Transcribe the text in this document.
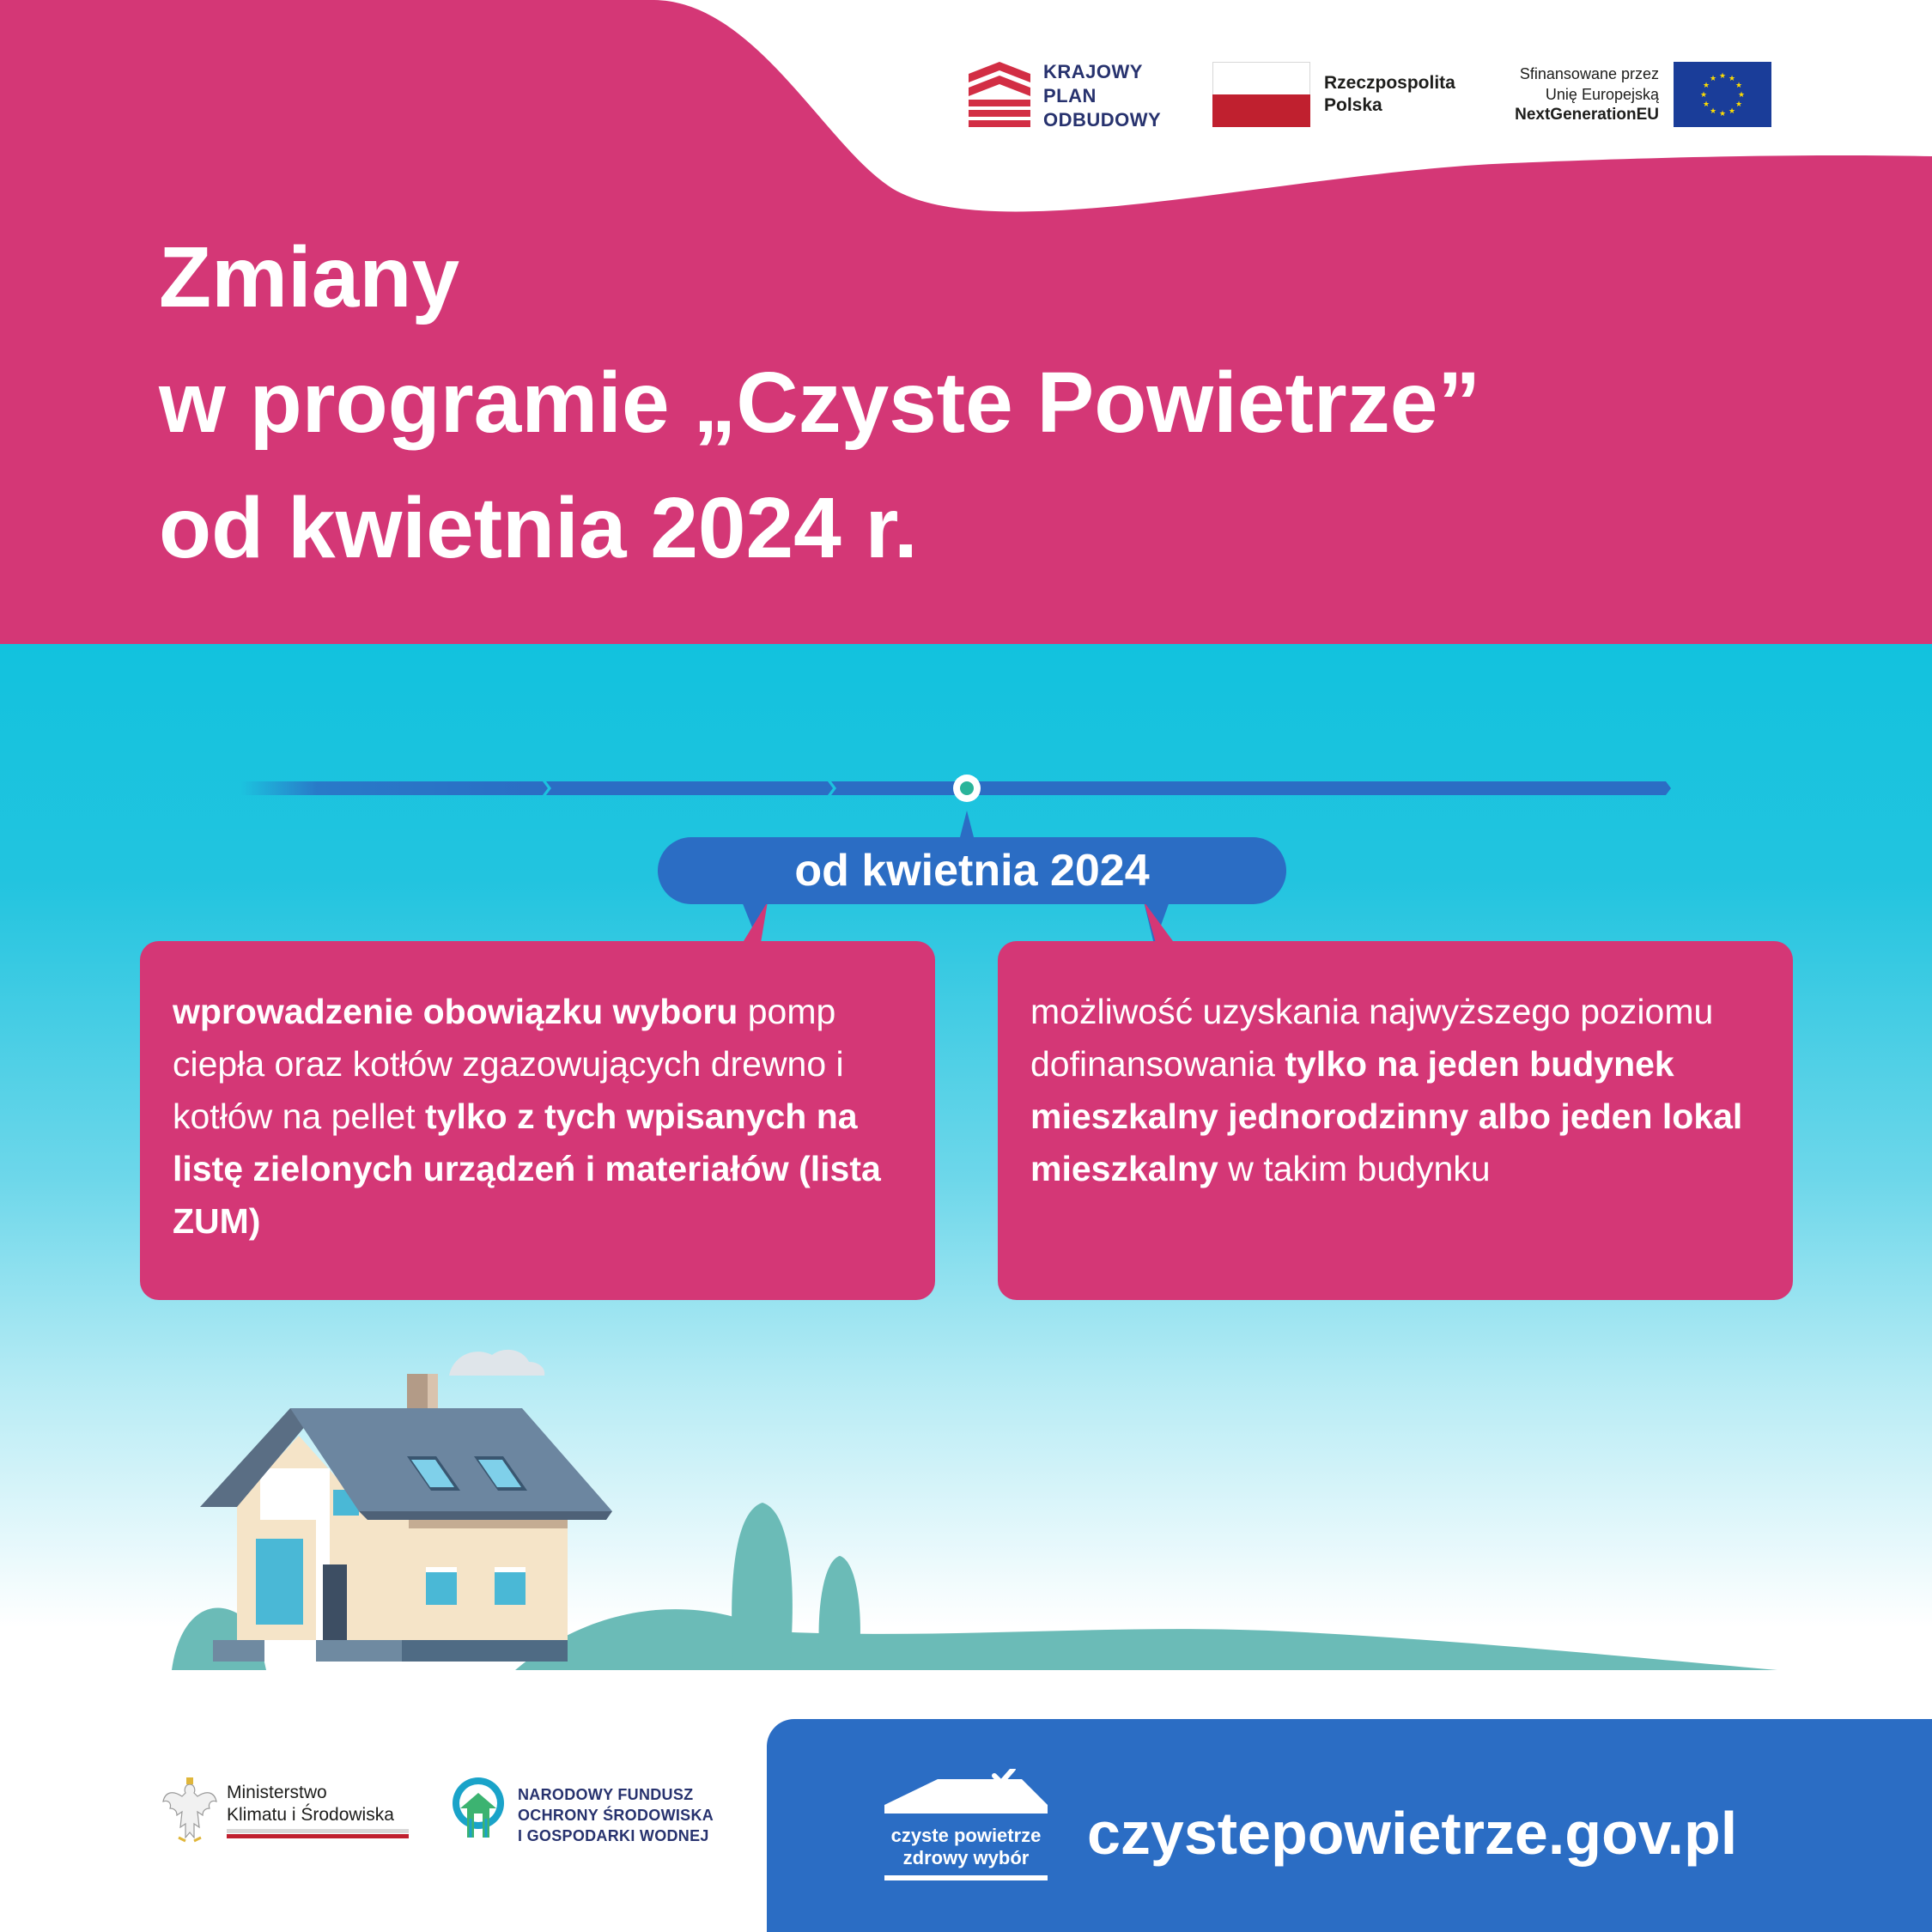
KRAJOWY
PLAN
ODBUDOWY
Rzeczpospolita
Polska
Sfinansowane przez
Unię Europejską
NextGenerationEU
★ ★
★
★
★
★
★
★
★
★
★
★
Zmiany
w programie „Czyste Powietrze”
od kwietnia 2024 r.
od kwietnia 2024
wprowadzenie obowiązku wyboru pomp ciepła oraz kotłów zgazowujących drewno i kotłów na pellet tylko z tych wpisanych na listę zielonych urządzeń i materiałów (lista ZUM)
możliwość uzyskania najwyższego poziomu dofinansowania tylko na jeden budynek mieszkalny jednorodzinny albo jeden lokal mieszkalny w takim budynku
Ministerstwo
Klimatu i Środowiska
NARODOWY FUNDUSZ
OCHRONY ŚRODOWISKA
I GOSPODARKI WODNEJ	czyste powietrze
zdrowy wybór czystepowietrze.gov.pl
